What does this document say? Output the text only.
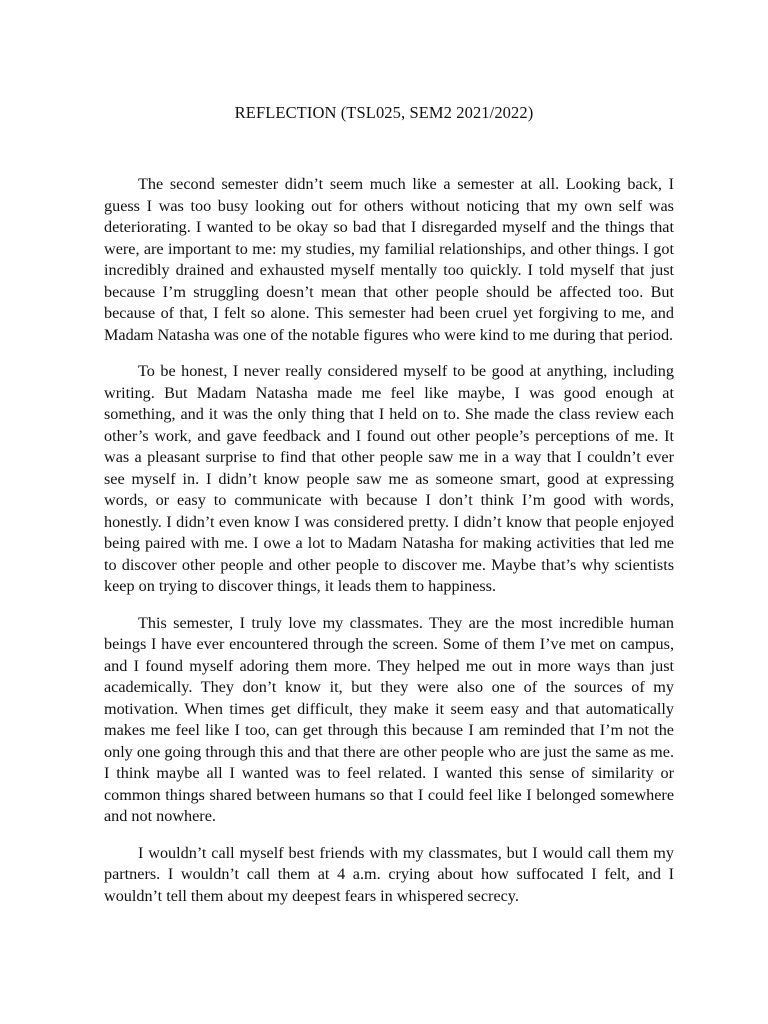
REFLECTION (TSL025, SEM2 2021/2022)

The second semester didn’t seem much like a semester at all. Looking back, I guess I was too busy looking out for others without noticing that my own self was deteriorating. I wanted to be okay so bad that I disregarded myself and the things that were, are important to me: my studies, my familial relationships, and other things. I got incredibly drained and exhausted myself mentally too quickly. I told myself that just because I’m struggling doesn’t mean that other people should be affected too. But because of that, I felt so alone. This semester had been cruel yet forgiving to me, and Madam Natasha was one of the notable figures who were kind to me during that period.

To be honest, I never really considered myself to be good at anything, including writing. But Madam Natasha made me feel like maybe, I was good enough at something, and it was the only thing that I held on to. She made the class review each other’s work, and gave feedback and I found out other people’s perceptions of me. It was a pleasant surprise to find that other people saw me in a way that I couldn’t ever see myself in. I didn’t know people saw me as someone smart, good at expressing words, or easy to communicate with because I don’t think I’m good with words, honestly. I didn’t even know I was considered pretty. I didn’t know that people enjoyed being paired with me. I owe a lot to Madam Natasha for making activities that led me to discover other people and other people to discover me. Maybe that’s why scientists keep on trying to discover things, it leads them to happiness.

This semester, I truly love my classmates. They are the most incredible human beings I have ever encountered through the screen. Some of them I’ve met on campus, and I found myself adoring them more. They helped me out in more ways than just academically. They don’t know it, but they were also one of the sources of my motivation. When times get difficult, they make it seem easy and that automatically makes me feel like I too, can get through this because I am reminded that I’m not the only one going through this and that there are other people who are just the same as me. I think maybe all I wanted was to feel related. I wanted this sense of similarity or common things shared between humans so that I could feel like I belonged somewhere and not nowhere.

I wouldn’t call myself best friends with my classmates, but I would call them my partners. I wouldn’t call them at 4 a.m. crying about how suffocated I felt, and I wouldn’t tell them about my deepest fears in whispered secrecy.
